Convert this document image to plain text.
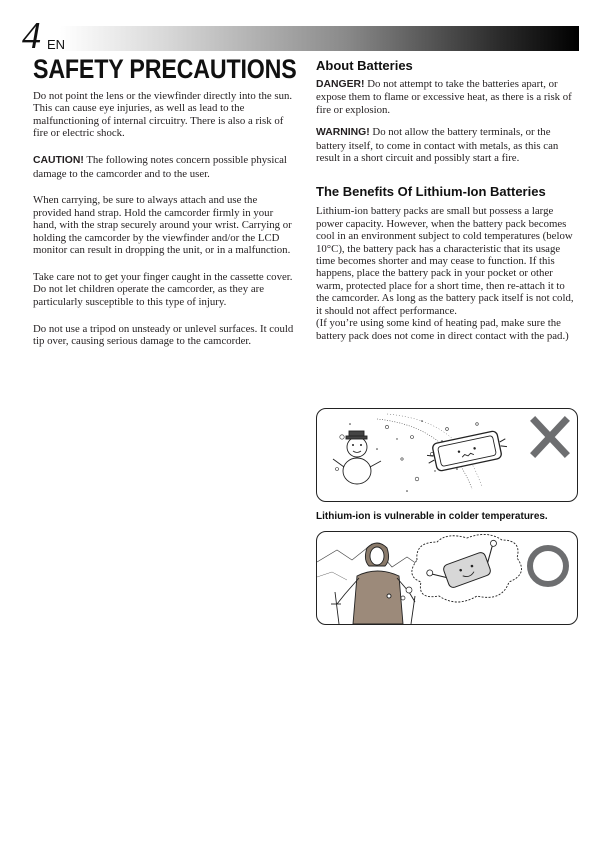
4 EN
SAFETY PRECAUTIONS

Do not point the lens or the viewfinder directly into the sun. This can cause eye injuries, as well as lead to the malfunctioning of internal circuitry. There is also a risk of fire or electric shock.

CAUTION! The following notes concern possible physical damage to the camcorder and to the user.

When carrying, be sure to always attach and use the provided hand strap. Hold the camcorder firmly in your hand, with the strap securely around your wrist. Carrying or holding the camcorder by the viewfinder and/or the LCD monitor can result in dropping the unit, or in a malfunction.

Take care not to get your finger caught in the cassette cover. Do not let children operate the camcorder, as they are particularly susceptible to this type of injury.

Do not use a tripod on unsteady or unlevel surfaces. It could tip over, causing serious damage to the camcorder.

About Batteries

DANGER! Do not attempt to take the batteries apart, or expose them to flame or excessive heat, as there is a risk of fire or explosion.

WARNING! Do not allow the battery terminals, or the battery itself, to come in contact with metals, as this can result in a short circuit and possibly start a fire.

The Benefits Of Lithium-Ion Batteries

Lithium-ion battery packs are small but possess a large power capacity. However, when the battery pack becomes cool in an environment subject to cold temperatures (below 10°C), the battery pack has a characteristic that its usage time becomes shorter and may cease to function. If this happens, place the battery pack in your pocket or other warm, protected place for a short time, then re-attach it to the camcorder. As long as the battery pack itself is not cold, it should not affect performance.

(If you’re using some kind of heating pad, make sure the battery pack does not come in direct contact with the pad.)

Lithium-ion is vulnerable in colder temperatures.
